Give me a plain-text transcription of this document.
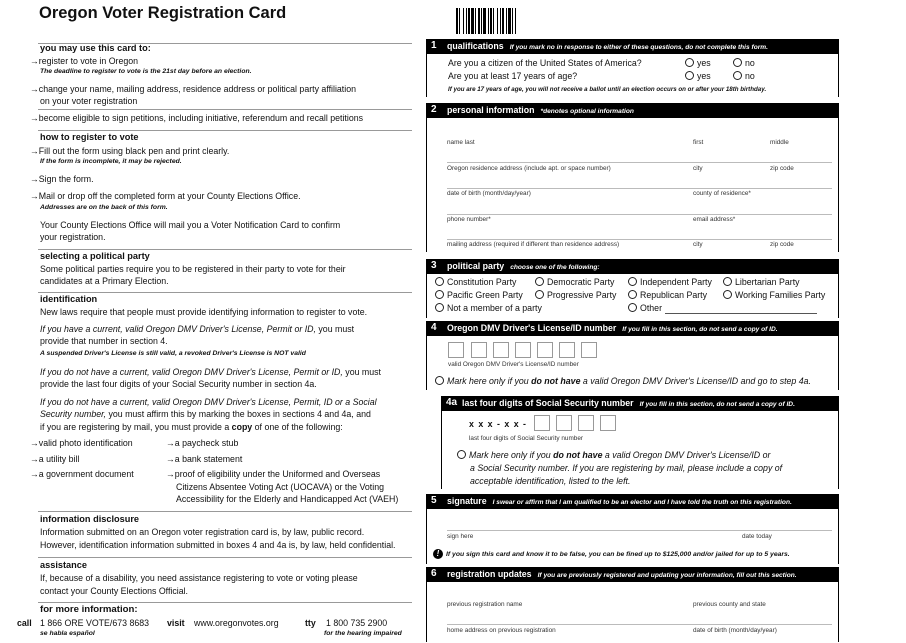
Oregon Voter Registration Card
you may use this card to:
→register to vote in Oregon
The deadline to register to vote is the 21st day before an election.
→change your name, mailing address, residence address or political party affiliation
on your voter registration
→become eligible to sign petitions, including initiative, referendum and recall petitions
how to register to vote
→Fill out the form using black pen and print clearly.
If the form is incomplete, it may be rejected.
→Sign the form.
→Mail or drop off the completed form at your County Elections Office.
Addresses are on the back of this form.
Your County Elections Office will mail you a Voter Notification Card to confirm
your registration.
selecting a political party
Some political parties require you to be registered in their party to vote for their
candidates at a Primary Election.
identification
New laws require that people must provide identifying information to register to vote.
If you have a current, valid Oregon DMV Driver's License, Permit or ID, you must
provide that number in section 4.
A suspended Driver's License is still valid, a revoked Driver's License is NOT valid
If you do not have a current, valid Oregon DMV Driver's License, Permit or ID, you must
provide the last four digits of your Social Security number in section 4a.
If you do not have a current, valid Oregon DMV Driver's License, Permit, ID or a Social
Security number, you must affirm this by marking the boxes in sections 4 and 4a, and
if you are registering by mail, you must provide a copy of one of the following:
→valid photo identification	→a paycheck stub
→a utility bill	→a bank statement
→a government document	→proof of eligibility under the Uniformed and Overseas
Citizens Absentee Voting Act (UOCAVA) or the Voting
Accessibility for the Elderly and Handicapped Act (VAEH)
information disclosure
Information submitted on an Oregon voter registration card is, by law, public record.
However, identification information submitted in boxes 4 and 4a is, by law, held confidential.
assistance
If, because of a disability, you need assistance registering to vote or voting please
contact your County Elections Official.
for more information:
call 1 866 ORE VOTE/673 8683
se habla español
visit www.oregonvotes.org	tty 1 800 735 2900
for the hearing impaired
1 qualifications If you mark no in response to either of these questions, do not complete this form.
Are you a citizen of the United States of America?	yes	no
Are you at least 17 years of age?	yes	no
If you are 17 years of age, you will not receive a ballot until an election occurs on or after your 18th birthday.
2 personal information *denotes optional information
name last	first	middle
Oregon residence address (include apt. or space number)	city	zip code
date of birth (month/day/year)	county of residence*
phone number*	email address*
mailing address (required if different than residence address)	city	zip code
3 political party choose one of the following:
Constitution Party	Democratic Party	Independent Party	Libertarian Party
Pacific Green Party	Progressive Party	Republican Party	Working Families Party
Not a member of a party	Other
4 Oregon DMV Driver's License/ID number If you fill in this section, do not send a copy of ID.
valid Oregon DMV Driver's License/ID number
Mark here only if you do not have a valid Oregon DMV Driver's License/ID and go to step 4a.
4a last four digits of Social Security number If you fill in this section, do not send a copy of ID.
x x x - x x -
last four digits of Social Security number
Mark here only if you do not have a valid Oregon DMV Driver's License/ID or
a Social Security number. If you are registering by mail, please include a copy of
acceptable identification, listed to the left.
5 signature I swear or affirm that I am qualified to be an elector and I have told the truth on this registration.
sign here	date today
! If you sign this card and know it to be false, you can be fined up to $125,000 and/or jailed for up to 5 years.
6 registration updates If you are previously registered and updating your information, fill out this section.
previous registration name	previous county and state
home address on previous registration	date of birth (month/day/year)
